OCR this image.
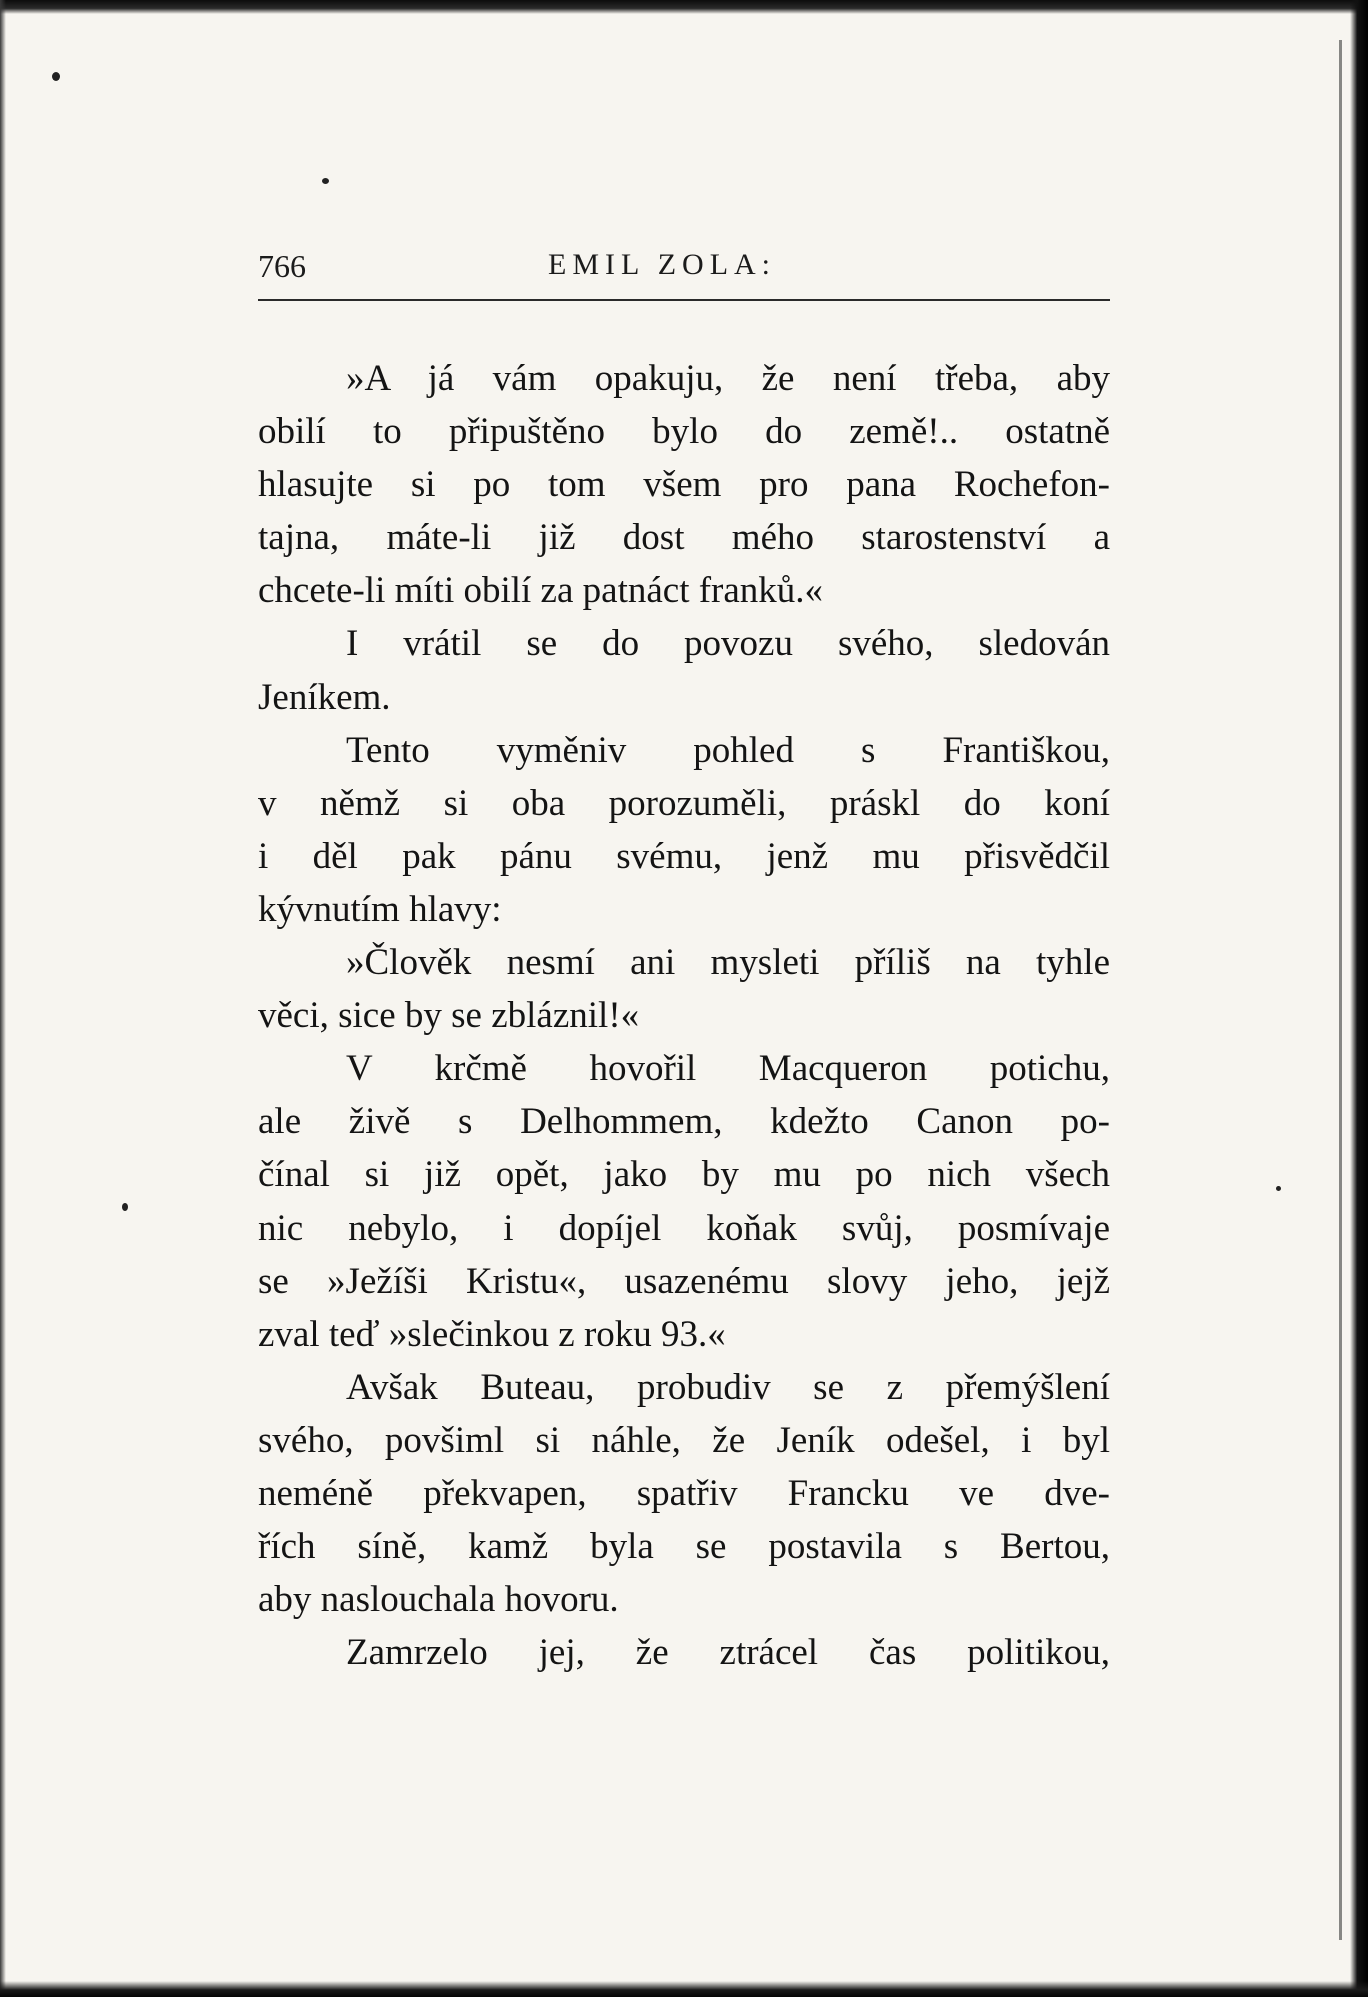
766	EMIL ZOLA:
»A já vám opakuju, že není třeba, aby
obilí to připuštěno bylo do země!.. ostatně
hlasujte si po tom všem pro pana Rochefon-
tajna, máte-li již dost mého starostenství a
chcete-li míti obilí za patnáct franků.«
I vrátil se do povozu svého, sledován
Jeníkem.
Tento vyměniv pohled s Františkou,
v němž si oba porozuměli, práskl do koní
i děl pak pánu svému, jenž mu přisvědčil
kývnutím hlavy:
»Člověk nesmí ani mysleti příliš na tyhle
věci, sice by se zbláznil!«
V krčmě hovořil Macqueron potichu,
ale živě s Delhommem, kdežto Canon po-
čínal si již opět, jako by mu po nich všech
nic nebylo, i dopíjel koňak svůj, posmívaje
se »Ježíši Kristu«, usazenému slovy jeho, jejž
zval teď »slečinkou z roku 93.«
Avšak Buteau, probudiv se z přemýšlení
svého, povšiml si náhle, že Jeník odešel, i byl
neméně překvapen, spatřiv Francku ve dve-
řích síně, kamž byla se postavila s Bertou,
aby naslouchala hovoru.
Zamrzelo jej, že ztrácel čas politikou,
